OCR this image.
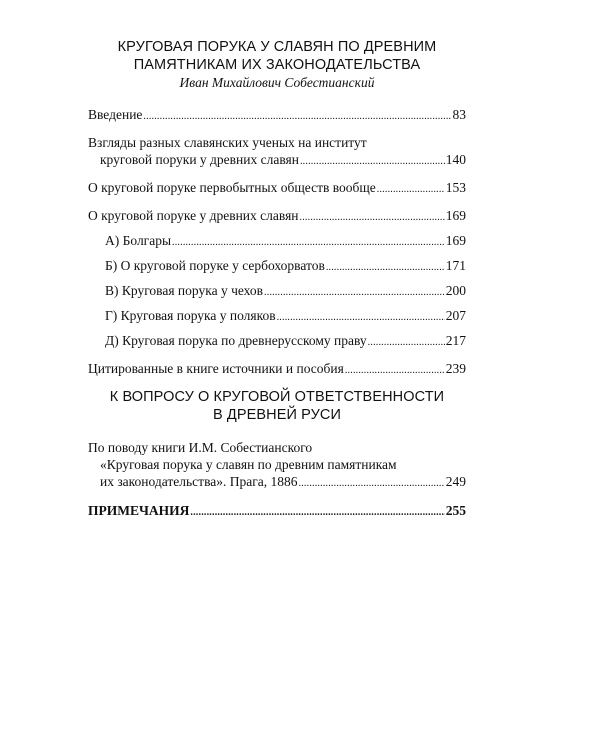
КРУГОВАЯ ПОРУКА У СЛАВЯН ПО ДРЕВНИМ

ПАМЯТНИКАМ ИХ ЗАКОНОДАТЕЛЬСТВА

Иван Михайлович Собестианский

Введение .....	83
Взгляды разных славянских ученых на институт
круговой поруки у древних славян .....	140
О круговой поруке первобытных обществ вообще .....	153
О круговой поруке у древних славян .....	169
А) Болгары .....	169
Б) О круговой поруке у сербохорватов .....	171
В) Круговая порука у чехов .....	200
Г) Круговая порука у поляков .....	207
Д) Круговая порука по древнерусскому праву .....	217
Цитированные в книге источники и пособия .....	239

К ВОПРОСУ О КРУГОВОЙ ОТВЕТСТВЕННОСТИ

В ДРЕВНЕЙ РУСИ

По поводу книги И.М. Собестианского
«Круговая порука у славян по древним памятникам
их законодательства». Прага, 1886 .....	249
ПРИМЕЧАНИЯ .....	255
